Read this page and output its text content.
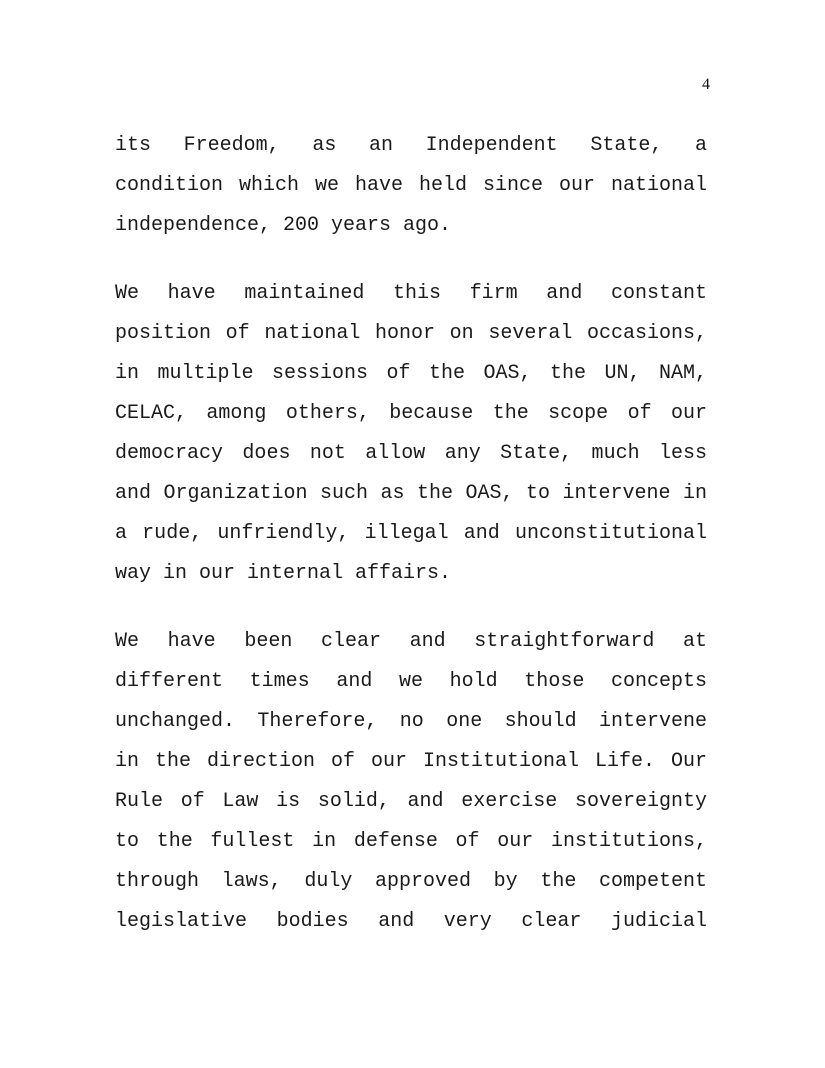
4
its Freedom, as an Independent State, a
condition which we have held since our national
independence, 200 years ago.
We have maintained this firm and constant
position of national honor on several occasions,
in multiple sessions of the OAS, the UN, NAM,
CELAC, among others, because the scope of our
democracy does not allow any State, much less
and Organization such as the OAS, to intervene in
a rude, unfriendly, illegal and unconstitutional
way in our internal affairs.
We have been clear and straightforward at
different times and we hold those concepts
unchanged. Therefore, no one should intervene
in the direction of our Institutional Life. Our
Rule of Law is solid, and exercise sovereignty
to the fullest in defense of our institutions,
through laws, duly approved by the competent
legislative bodies and very clear judicial
